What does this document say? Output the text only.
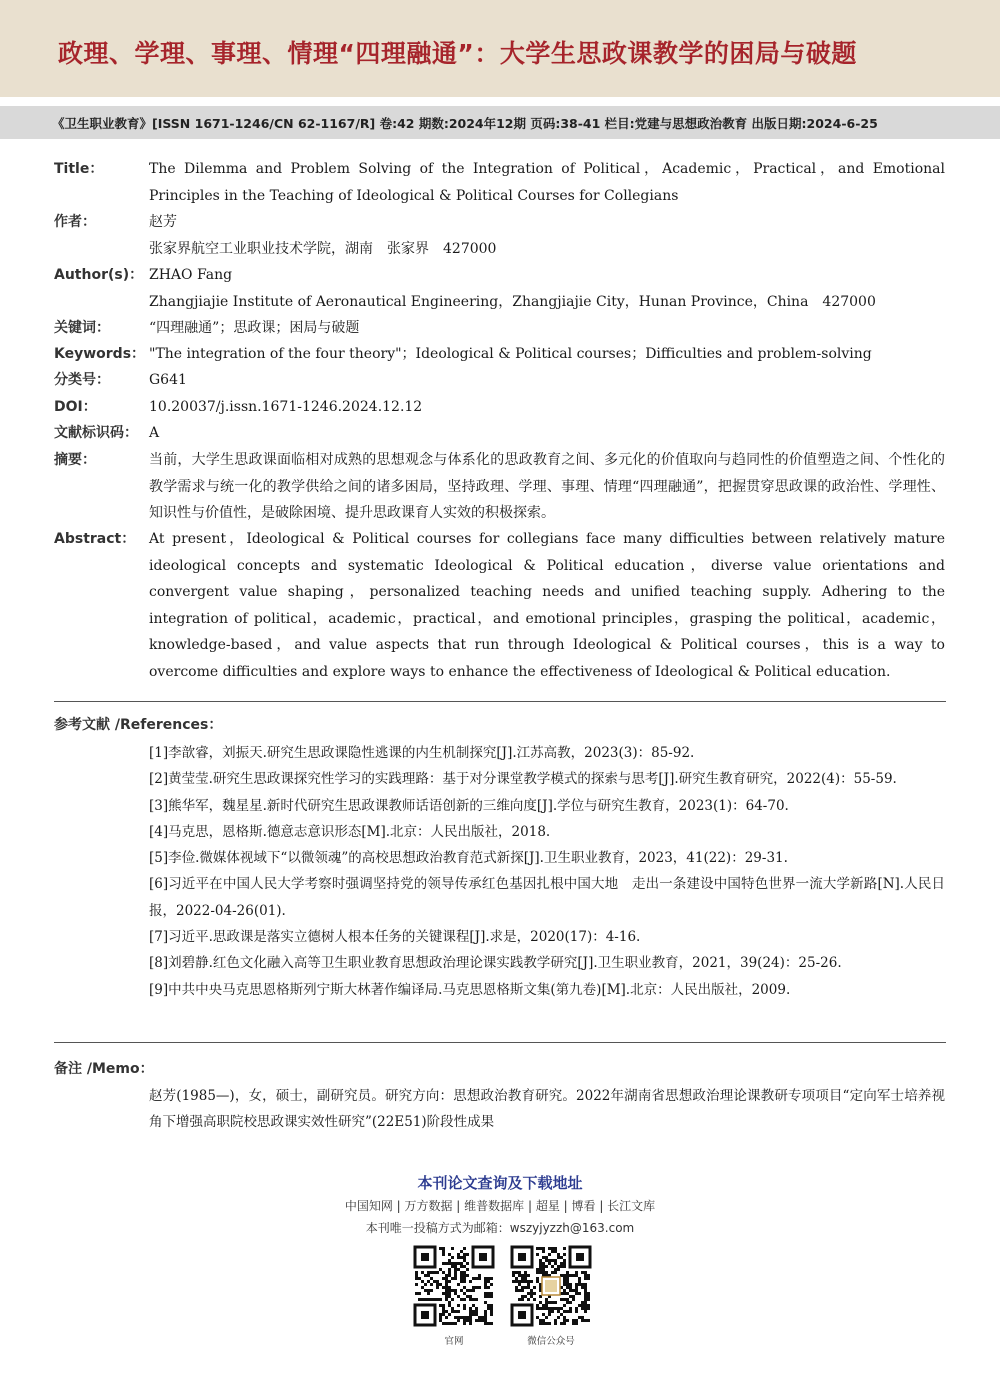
政理、学理、事理、情理“四理融通”：大学生思政课教学的困局与破题
《卫生职业教育》[ISSN 1671-1246/CN 62-1167/R] 卷:42 期数:2024年12期 页码:38-41 栏目:党建与思想政治教育 出版日期:2024-6-25
Title：	The Dilemma and Problem Solving of the Integration of Political，Academic，Practical，and Emotional Principles in the Teaching of Ideological & Political Courses for Collegians
作者：	赵芳
张家界航空工业职业技术学院，湖南　张家界　427000
Author(s)： ZHAO Fang
Zhangjiajie Institute of Aeronautical Engineering，Zhangjiajie City，Hunan Province，China　427000
关键词：	“四理融通”；思政课；困局与破题
Keywords： "The integration of the four theory"；Ideological & Political courses；Difficulties and problem-solving
分类号：	G641
DOI：	10.20037/j.issn.1671-1246.2024.12.12
文献标识码： A
摘要：	当前，大学生思政课面临相对成熟的思想观念与体系化的思政教育之间、多元化的价值取向与趋同性的价值塑造之间、个性化的教学需求与统一化的教学供给之间的诸多困局，坚持政理、学理、事理、情理“四理融通”，把握贯穿思政课的政治性、学理性、知识性与价值性，是破除困境、提升思政课育人实效的积极探索。
Abstract： At present，Ideological & Political courses for collegians face many difficulties between relatively mature ideological concepts and systematic Ideological & Political education，diverse value orientations and convergent value shaping，personalized teaching needs and unified teaching supply. Adhering to the integration of political，academic，practical，and emotional principles，grasping the political，academic，knowledge-based，and value aspects that run through Ideological & Political courses，this is a way to overcome difficulties and explore ways to enhance the effectiveness of Ideological & Political education.
参考文献 /References：
[1]李歆睿，刘振天.研究生思政课隐性逃课的内生机制探究[J].江苏高教，2023(3)：85-92.
[2]黄莹莹.研究生思政课探究性学习的实践理路：基于对分课堂教学模式的探索与思考[J].研究生教育研究，2022(4)：55-59.
[3]熊华军，魏星星.新时代研究生思政课教师话语创新的三维向度[J].学位与研究生教育，2023(1)：64-70.
[4]马克思，恩格斯.德意志意识形态[M].北京：人民出版社，2018.
[5]李俭.微媒体视域下“以微领魂”的高校思想政治教育范式新探[J].卫生职业教育，2023，41(22)：29-31.
[6]习近平在中国人民大学考察时强调坚持党的领导传承红色基因扎根中国大地　走出一条建设中国特色世界一流大学新路[N].人民日报，2022-04-26(01).
[7]习近平.思政课是落实立德树人根本任务的关键课程[J].求是，2020(17)：4-16.
[8]刘碧静.红色文化融入高等卫生职业教育思想政治理论课实践教学研究[J].卫生职业教育，2021，39(24)：25-26.
[9]中共中央马克思恩格斯列宁斯大林著作编译局.马克思恩格斯文集(第九卷)[M].北京：人民出版社，2009.
备注 /Memo：
赵芳(1985—)，女，硕士，副研究员。研究方向：思想政治教育研究。2022年湖南省思想政治理论课教研专项项目“定向军士培养视角下增强高职院校思政课实效性研究”(22E51)阶段性成果
本刊论文查询及下载地址
中国知网 | 万方数据 | 维普数据库 | 超星 | 博看 | 长江文库
本刊唯一投稿方式为邮箱：wszyjyzzh@163.com
官网	微信公众号
